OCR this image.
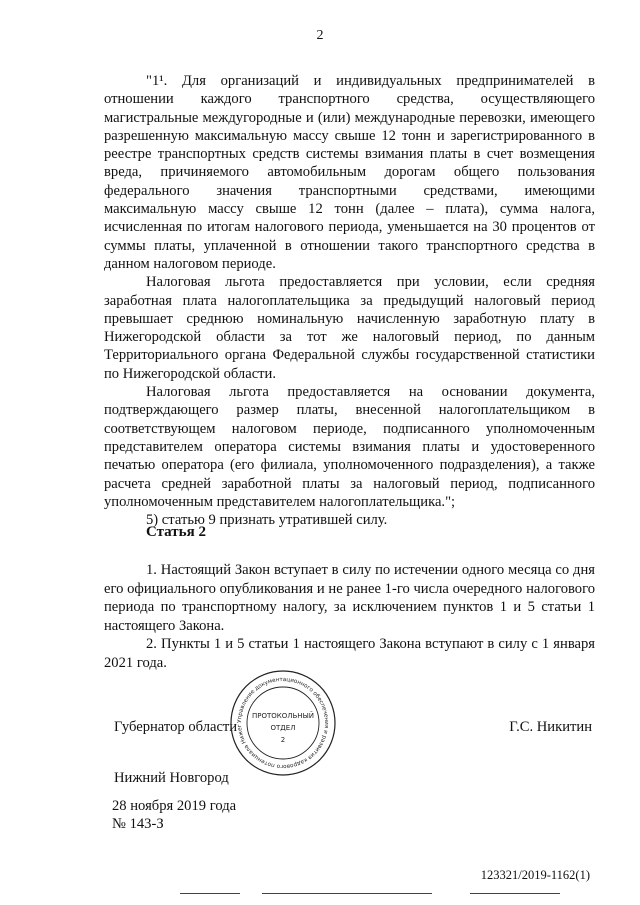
2

"1¹. Для организаций и индивидуальных предпринимателей в отношении каждого транспортного средства, осуществляющего магистральные междугородные и (или) международные перевозки, имеющего разрешенную максимальную массу свыше 12 тонн и зарегистрированного в реестре транспортных средств системы взимания платы в счет возмещения вреда, причиняемого автомобильным дорогам общего пользования федерального значения транспортными средствами, имеющими максимальную массу свыше 12 тонн (далее – плата), сумма налога, исчисленная по итогам налогового периода, уменьшается на 30 процентов от суммы платы, уплаченной в отношении такого транспортного средства в данном налоговом периоде.

Налоговая льгота предоставляется при условии, если средняя заработная плата налогоплательщика за предыдущий налоговый период превышает среднюю номинальную начисленную заработную плату в Нижегородской области за тот же налоговый период, по данным Территориального органа Федеральной службы государственной статистики по Нижегородской области.

Налоговая льгота предоставляется на основании документа, подтверждающего размер платы, внесенной налогоплательщиком в соответствующем налоговом периоде, подписанного уполномоченным представителем оператора системы взимания платы и удостоверенного печатью оператора (его филиала, уполномоченного подразделения), а также расчета средней заработной платы за налоговый период, подписанного уполномоченным представителем налогоплательщика.";

5) статью 9 признать утратившей силу.

Статья 2

1. Настоящий Закон вступает в силу по истечении одного месяца со дня его официального опубликования и не ранее 1-го числа очередного налогового периода по транспортному налогу, за исключением пунктов 1 и 5 статьи 1 настоящего Закона.

2. Пункты 1 и 5 статьи 1 настоящего Закона вступают в силу с 1 января 2021 года.

Губернатор области	Г.С. Никитин
Управление документационного обеспечения и развития кадрового потенциала Нижег
ПРОТОКОЛЬНЫЙ
ОТДЕЛ
2
Нижний Новгород
28 ноября 2019 года
№ 143-З
123321/2019-1162(1)
